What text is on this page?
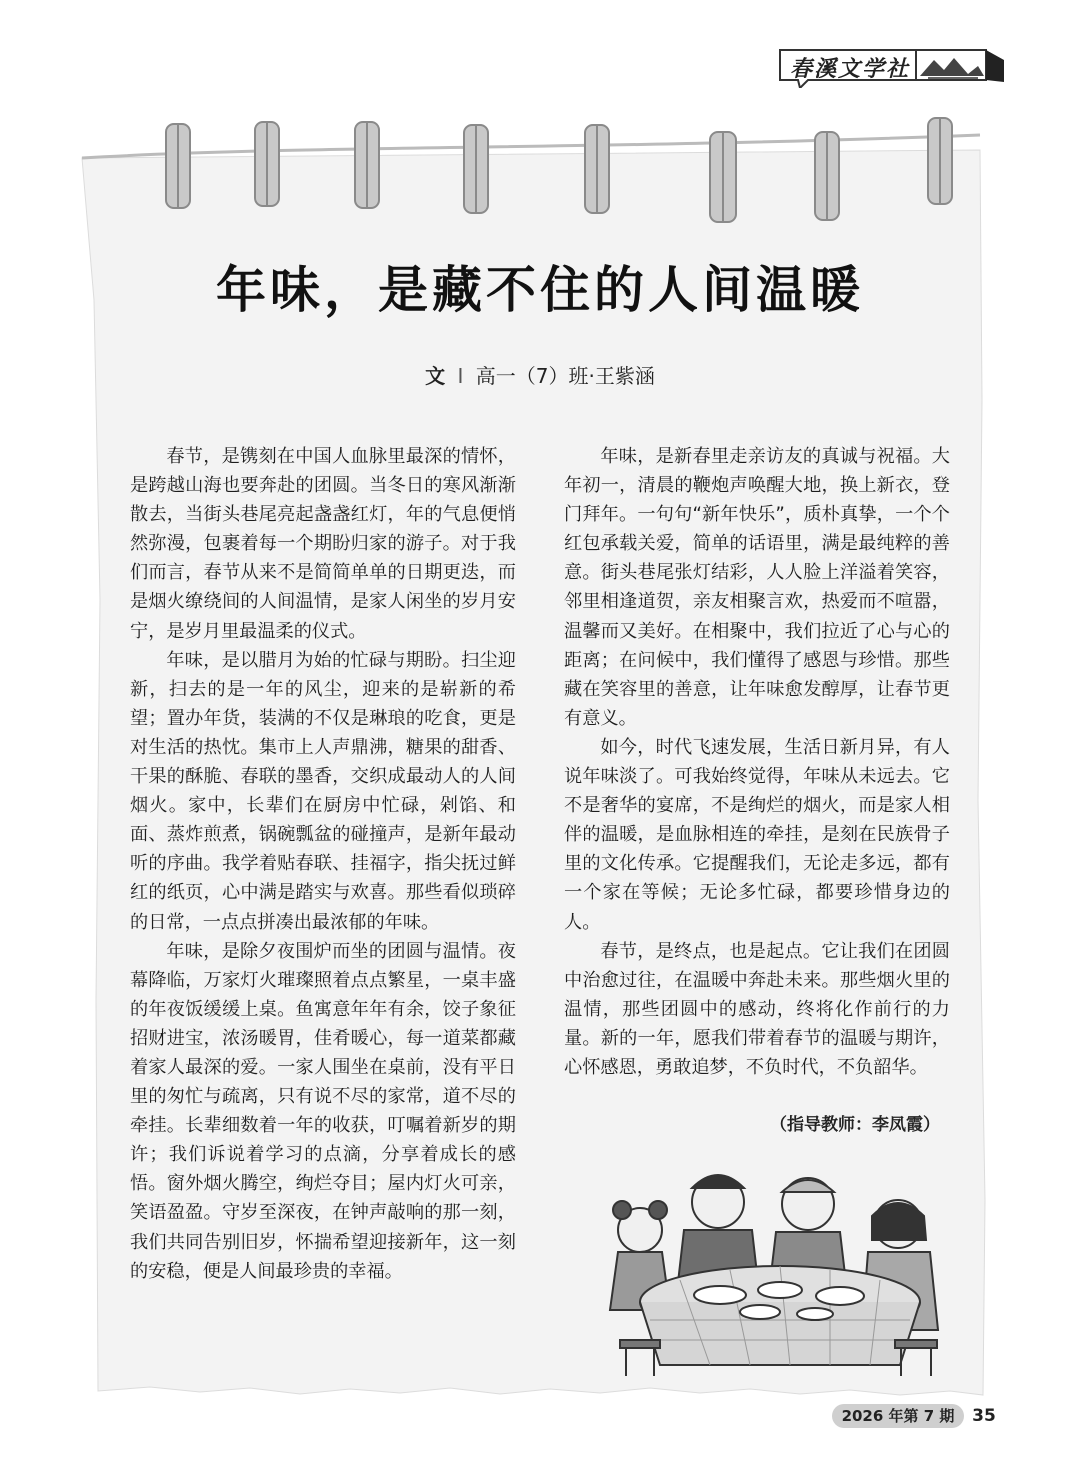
春溪文学社
年味，是藏不住的人间温暖
文 I 高一（7）班·王紫涵

春节，是镌刻在中国人血脉里最深的情怀，是跨越山海也要奔赴的团圆。当冬日的寒风渐渐散去，当街头巷尾亮起盏盏红灯，年的气息便悄然弥漫，包裹着每一个期盼归家的游子。对于我们而言，春节从来不是简简单单的日期更迭，而是烟火缭绕间的人间温情，是家人闲坐的岁月安宁，是岁月里最温柔的仪式。

年味，是以腊月为始的忙碌与期盼。扫尘迎新，扫去的是一年的风尘，迎来的是崭新的希望；置办年货，装满的不仅是琳琅的吃食，更是对生活的热忱。集市上人声鼎沸，糖果的甜香、干果的酥脆、春联的墨香，交织成最动人的人间烟火。家中，长辈们在厨房中忙碌，剁馅、和面、蒸炸煎煮，锅碗瓢盆的碰撞声，是新年最动听的序曲。我学着贴春联、挂福字，指尖抚过鲜红的纸页，心中满是踏实与欢喜。那些看似琐碎的日常，一点点拼凑出最浓郁的年味。

年味，是除夕夜围炉而坐的团圆与温情。夜幕降临，万家灯火璀璨照着点点繁星，一桌丰盛的年夜饭缓缓上桌。鱼寓意年年有余，饺子象征招财进宝，浓汤暖胃，佳肴暖心，每一道菜都藏着家人最深的爱。一家人围坐在桌前，没有平日里的匆忙与疏离，只有说不尽的家常，道不尽的牵挂。长辈细数着一年的收获，叮嘱着新岁的期许；我们诉说着学习的点滴，分享着成长的感悟。窗外烟火腾空，绚烂夺目；屋内灯火可亲，笑语盈盈。守岁至深夜，在钟声敲响的那一刻，我们共同告别旧岁，怀揣希望迎接新年，这一刻的安稳，便是人间最珍贵的幸福。

年味，是新春里走亲访友的真诚与祝福。大年初一，清晨的鞭炮声唤醒大地，换上新衣，登门拜年。一句句“新年快乐”，质朴真挚，一个个红包承载关爱，简单的话语里，满是最纯粹的善意。街头巷尾张灯结彩，人人脸上洋溢着笑容，邻里相逢道贺，亲友相聚言欢，热爱而不喧嚣，温馨而又美好。在相聚中，我们拉近了心与心的距离；在问候中，我们懂得了感恩与珍惜。那些藏在笑容里的善意，让年味愈发醇厚，让春节更有意义。

如今，时代飞速发展，生活日新月异，有人说年味淡了。可我始终觉得，年味从未远去。它不是奢华的宴席，不是绚烂的烟火，而是家人相伴的温暖，是血脉相连的牵挂，是刻在民族骨子里的文化传承。它提醒我们，无论走多远，都有一个家在等候；无论多忙碌，都要珍惜身边的人。

春节，是终点，也是起点。它让我们在团圆中治愈过往，在温暖中奔赴未来。那些烟火里的温情，那些团圆中的感动，终将化作前行的力量。新的一年，愿我们带着春节的温暖与期许，心怀感恩，勇敢追梦，不负时代，不负韶华。

（指导教师：李凤霞）
2026 年第 7 期	35
